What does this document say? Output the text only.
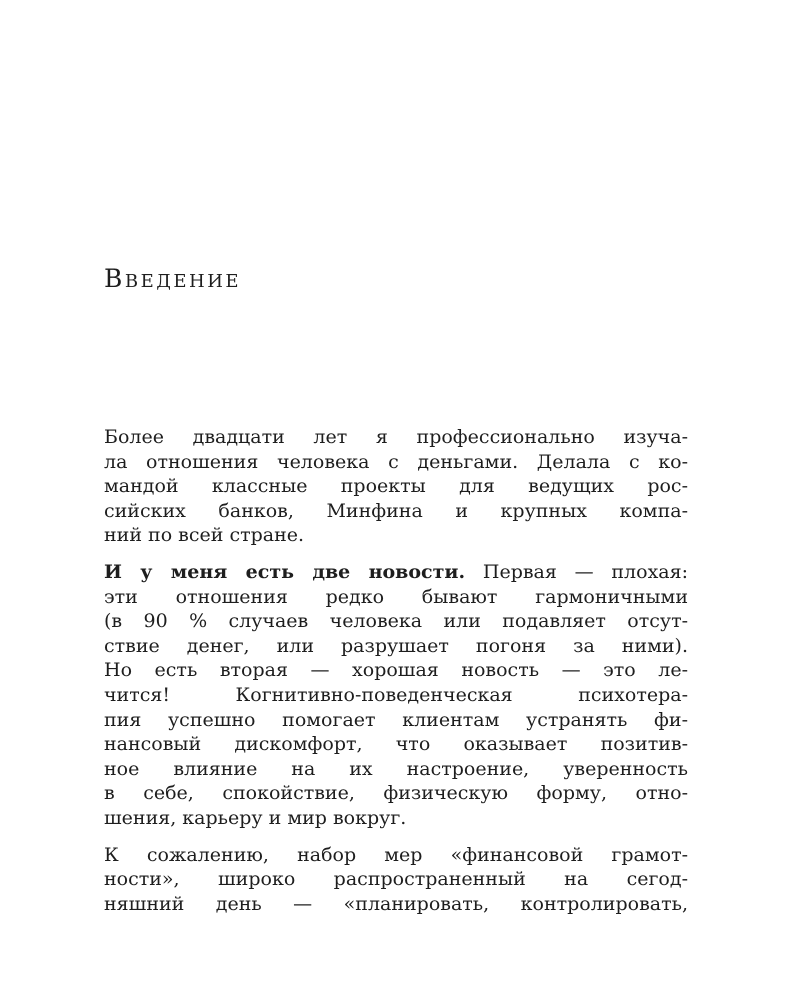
Введение

Более двадцати лет я профессионально изуча-
ла отношения человека с деньгами. Делала с ко-
мандой классные проекты для ведущих рос-
сийских банков, Минфина и крупных компа-
ний по всей стране.

И у меня есть две новости. Первая — плохая:
эти отношения редко бывают гармоничными
(в 90 % случаев человека или подавляет отсут-
ствие денег, или разрушает погоня за ними).
Но есть вторая — хорошая новость — это ле-
чится! Когнитивно-поведенческая психотера-
пия успешно помогает клиентам устранять фи-
нансовый дискомфорт, что оказывает позитив-
ное влияние на их настроение, уверенность
в себе, спокойствие, физическую форму, отно-
шения, карьеру и мир вокруг.

К сожалению, набор мер «финансовой грамот-
ности», широко распространенный на сегод-
няшний день — «планировать, контролировать,
